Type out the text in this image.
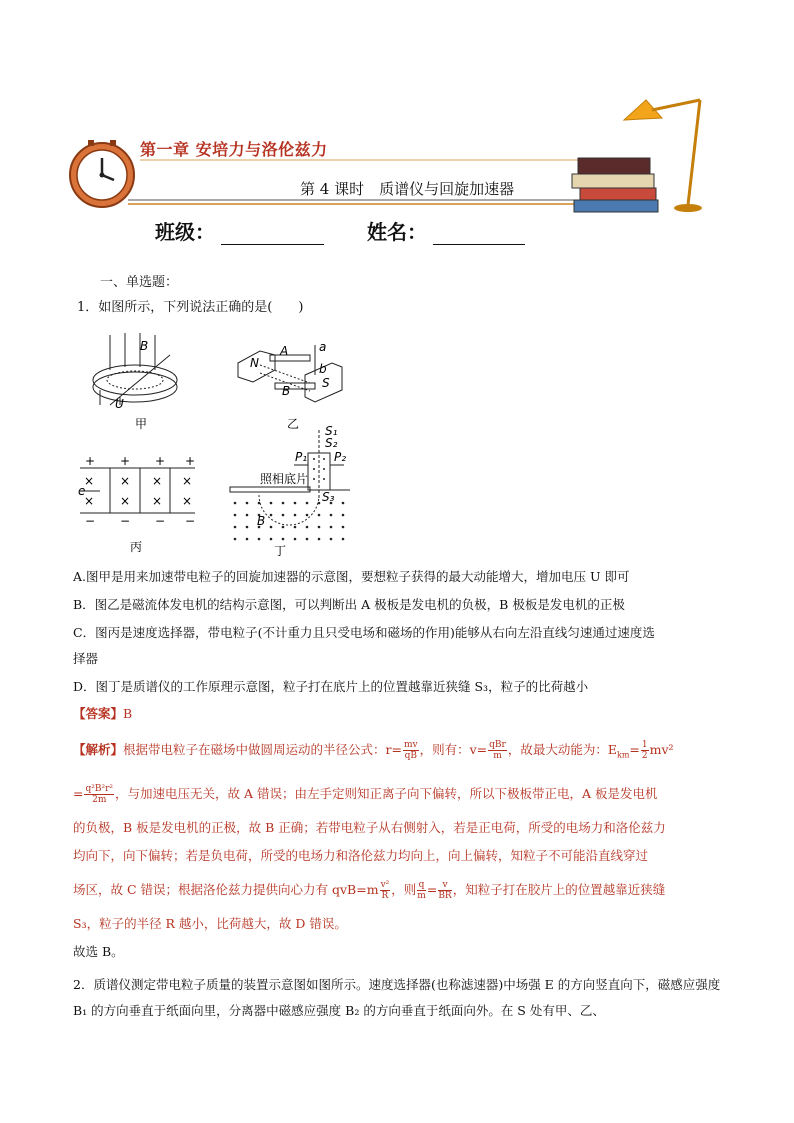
第一章 安培力与洛伦兹力
第 4 课时　质谱仪与回旋加速器
班级：	姓名：
一、单选题：
1．如图所示，下列说法正确的是(　　)
B
U
甲
N
S
a
b
A
B
乙
+ + + +
− − − −
× × × ×
× × × ×
e
丙
照相底片
P₁ P₂
S₁
S₂
S₃
B
丁
A.图甲是用来加速带电粒子的回旋加速器的示意图，要想粒子获得的最大动能增大，增加电压 U 即可
B．图乙是磁流体发电机的结构示意图，可以判断出 A 极板是发电机的负极，B 极板是发电机的正极
C．图丙是速度选择器，带电粒子(不计重力且只受电场和磁场的作用)能够从右向左沿直线匀速通过速度选
择器
D．图丁是质谱仪的工作原理示意图，粒子打在底片上的位置越靠近狭缝 S₃，粒子的比荷越小
【答案】B
【解析】根据带电粒子在磁场中做圆周运动的半径公式：$r= \frac{mv}{qB}$ ，则有：$v= \frac{\text{qBr}}{m}$ ，故最大动能为：$E_{km}= \frac{1}{2} mv^2$
= $\frac{\text{q²B²r²}}{2m}$ ，与加速电压无关，故 A 错误；由左手定则知正离子向下偏转，所以下极板带正电，A 板是发电机
的负极，B 板是发电机的正极，故 B 正确；若带电粒子从右侧射入，若是正电荷，所受的电场力和洛伦兹力
均向下，向下偏转；若是负电荷，所受的电场力和洛伦兹力均向上，向上偏转，知粒子不可能沿直线穿过
场区，故 C 错误；根据洛伦兹力提供向心力有 $qvB=m \frac{\text{v²}}{R}$ ，则 $\frac{q}{m} = \frac{v}{BR}$ ，知粒子打在胶片上的位置越靠近狭缝
S₃，粒子的半径 R 越小，比荷越大，故 D 错误。
故选 B。
2．质谱仪测定带电粒子质量的装置示意图如图所示。速度选择器(也称滤速器)中场强 E 的方向竖直向下，磁感应强度 B₁ 的方向垂直于纸面向里，分离器中磁感应强度 B₂ 的方向垂直于纸面向外。在 S 处有甲、乙、
